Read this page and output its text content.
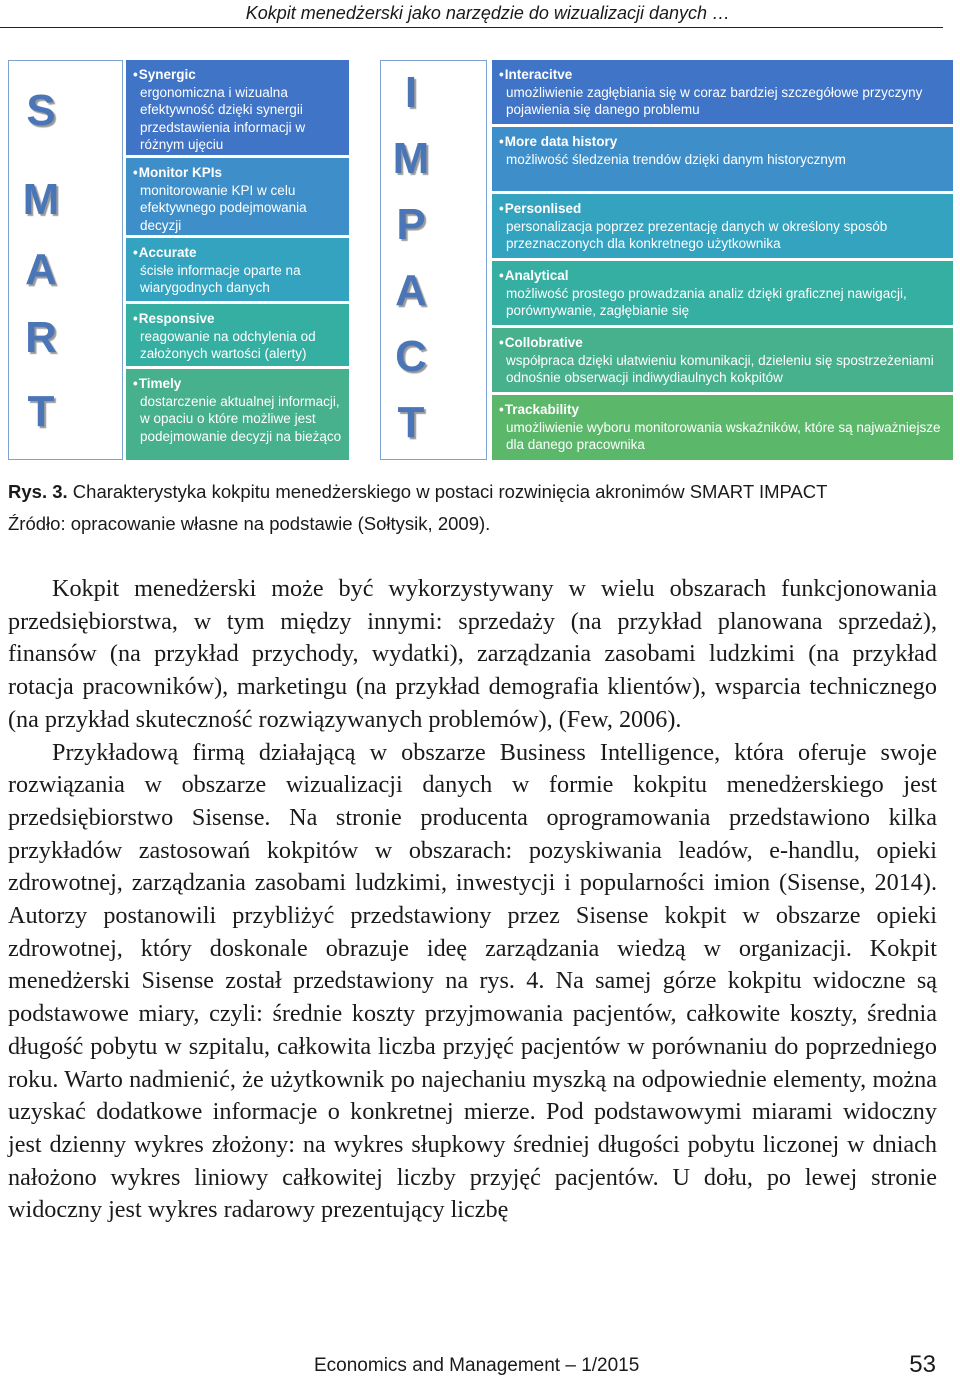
Kokpit menedżerski jako narzędzie do wizualizacji danych …
S
M
A
R
T
• Synergic
ergonomiczna i wizualna efektywność dzięki synergii przedstawienia informacji w różnym ujęciu
• Monitor KPIs
monitorowanie KPI w celu efektywnego podejmowania decyzji
• Accurate
ścisłe informacje oparte na wiarygodnych danych
• Responsive
reagowanie na odchylenia od założonych wartości (alerty)
• Timely
dostarczenie aktualnej informacji, w opaciu o które możliwe jest podejmowanie decyzji na bieżąco
I
M
P
A
C
T
• Interacitve
umożliwienie zagłębiania się w coraz bardziej szczegółowe przyczyny pojawienia się danego problemu
• More data history
możliwość śledzenia trendów dzięki danym historycznym
• Personlised
personalizacja poprzez prezentację danych w określony sposób przeznaczonych dla konkretnego użytkownika
• Analytical
możliwość prostego prowadzania analiz dzięki graficznej nawigacji, porównywanie, zagłębianie się
• Collobrative
współpraca dzięki ułatwieniu komunikacji, dzieleniu się spostrzeżeniami odnośnie obserwacji indiwydiaulnych kokpitów
• Trackability
umożliwienie wyboru monitorowania wskaźników, które są najważniejsze dla danego pracownika
Rys. 3. Charakterystyka kokpitu menedżerskiego w postaci rozwinięcia akronimów SMART IMPACT
Źródło: opracowanie własne na podstawie (Sołtysik, 2009).

Kokpit menedżerski może być wykorzystywany w wielu obszarach funkcjonowania przedsiębiorstwa, w tym między innymi: sprzedaży (na przykład planowana sprzedaż), finansów (na przykład przychody, wydatki), zarządzania zasobami ludzkimi (na przykład rotacja pracowników), marketingu (na przykład demografia klientów), wsparcia technicznego (na przykład skuteczność rozwiązywanych problemów), (Few, 2006).

Przykładową firmą działającą w obszarze Business Intelligence, która oferuje swoje rozwiązania w obszarze wizualizacji danych w formie kokpitu menedżerskiego jest przedsiębiorstwo Sisense. Na stronie producenta oprogramowania przedstawiono kilka przykładów zastosowań kokpitów w obszarach: pozyskiwania leadów, e-handlu, opieki zdrowotnej, zarządzania zasobami ludzkimi, inwestycji i popularności imion (Sisense, 2014). Autorzy postanowili przybliżyć przedstawiony przez Sisense kokpit w obszarze opieki zdrowotnej, który doskonale obrazuje ideę zarządzania wiedzą w organizacji. Kokpit menedżerski Sisense został przedstawiony na rys. 4. Na samej górze kokpitu widoczne są podstawowe miary, czyli: średnie koszty przyjmowania pacjentów, całkowite koszty, średnia długość pobytu w szpitalu, całkowita liczba przyjęć pacjentów w porównaniu do poprzedniego roku. Warto nadmienić, że użytkownik po najechaniu myszką na odpowiednie elementy, można uzyskać dodatkowe informacje o konkretnej mierze. Pod podstawowymi miarami widoczny jest dzienny wykres złożony: na wykres słupkowy średniej długości pobytu liczonej w dniach nałożono wykres liniowy całkowitej liczby przyjęć pacjentów. U dołu, po lewej stronie widoczny jest wykres radarowy prezentujący liczbę

Economics and Management – 1/2015	53
